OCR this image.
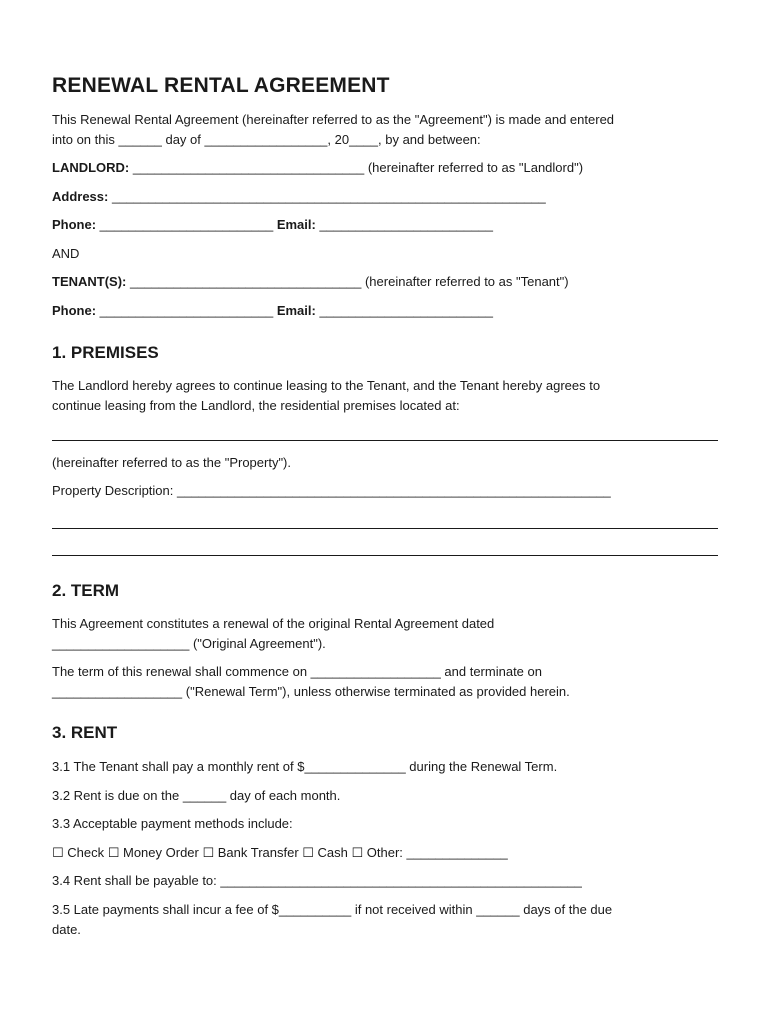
RENEWAL RENTAL AGREEMENT
This Renewal Rental Agreement (hereinafter referred to as the "Agreement") is made and entered
into on this ______ day of _________________, 20____, by and between:
LANDLORD: ________________________________ (hereinafter referred to as "Landlord")
Address: ____________________________________________________________
Phone: ________________________ Email: ________________________
AND
TENANT(S): ________________________________ (hereinafter referred to as "Tenant")
Phone: ________________________ Email: ________________________
1. PREMISES
The Landlord hereby agrees to continue leasing to the Tenant, and the Tenant hereby agrees to
continue leasing from the Landlord, the residential premises located at:
(hereinafter referred to as the "Property").
Property Description: ____________________________________________________________
2. TERM
This Agreement constitutes a renewal of the original Rental Agreement dated
___________________ ("Original Agreement").
The term of this renewal shall commence on __________________ and terminate on
__________________ ("Renewal Term"), unless otherwise terminated as provided herein.
3. RENT
3.1 The Tenant shall pay a monthly rent of $______________ during the Renewal Term.
3.2 Rent is due on the ______ day of each month.
3.3 Acceptable payment methods include:
☐ Check ☐ Money Order ☐ Bank Transfer ☐ Cash ☐ Other: ______________
3.4 Rent shall be payable to: __________________________________________________
3.5 Late payments shall incur a fee of $__________ if not received within ______ days of the due
date.
